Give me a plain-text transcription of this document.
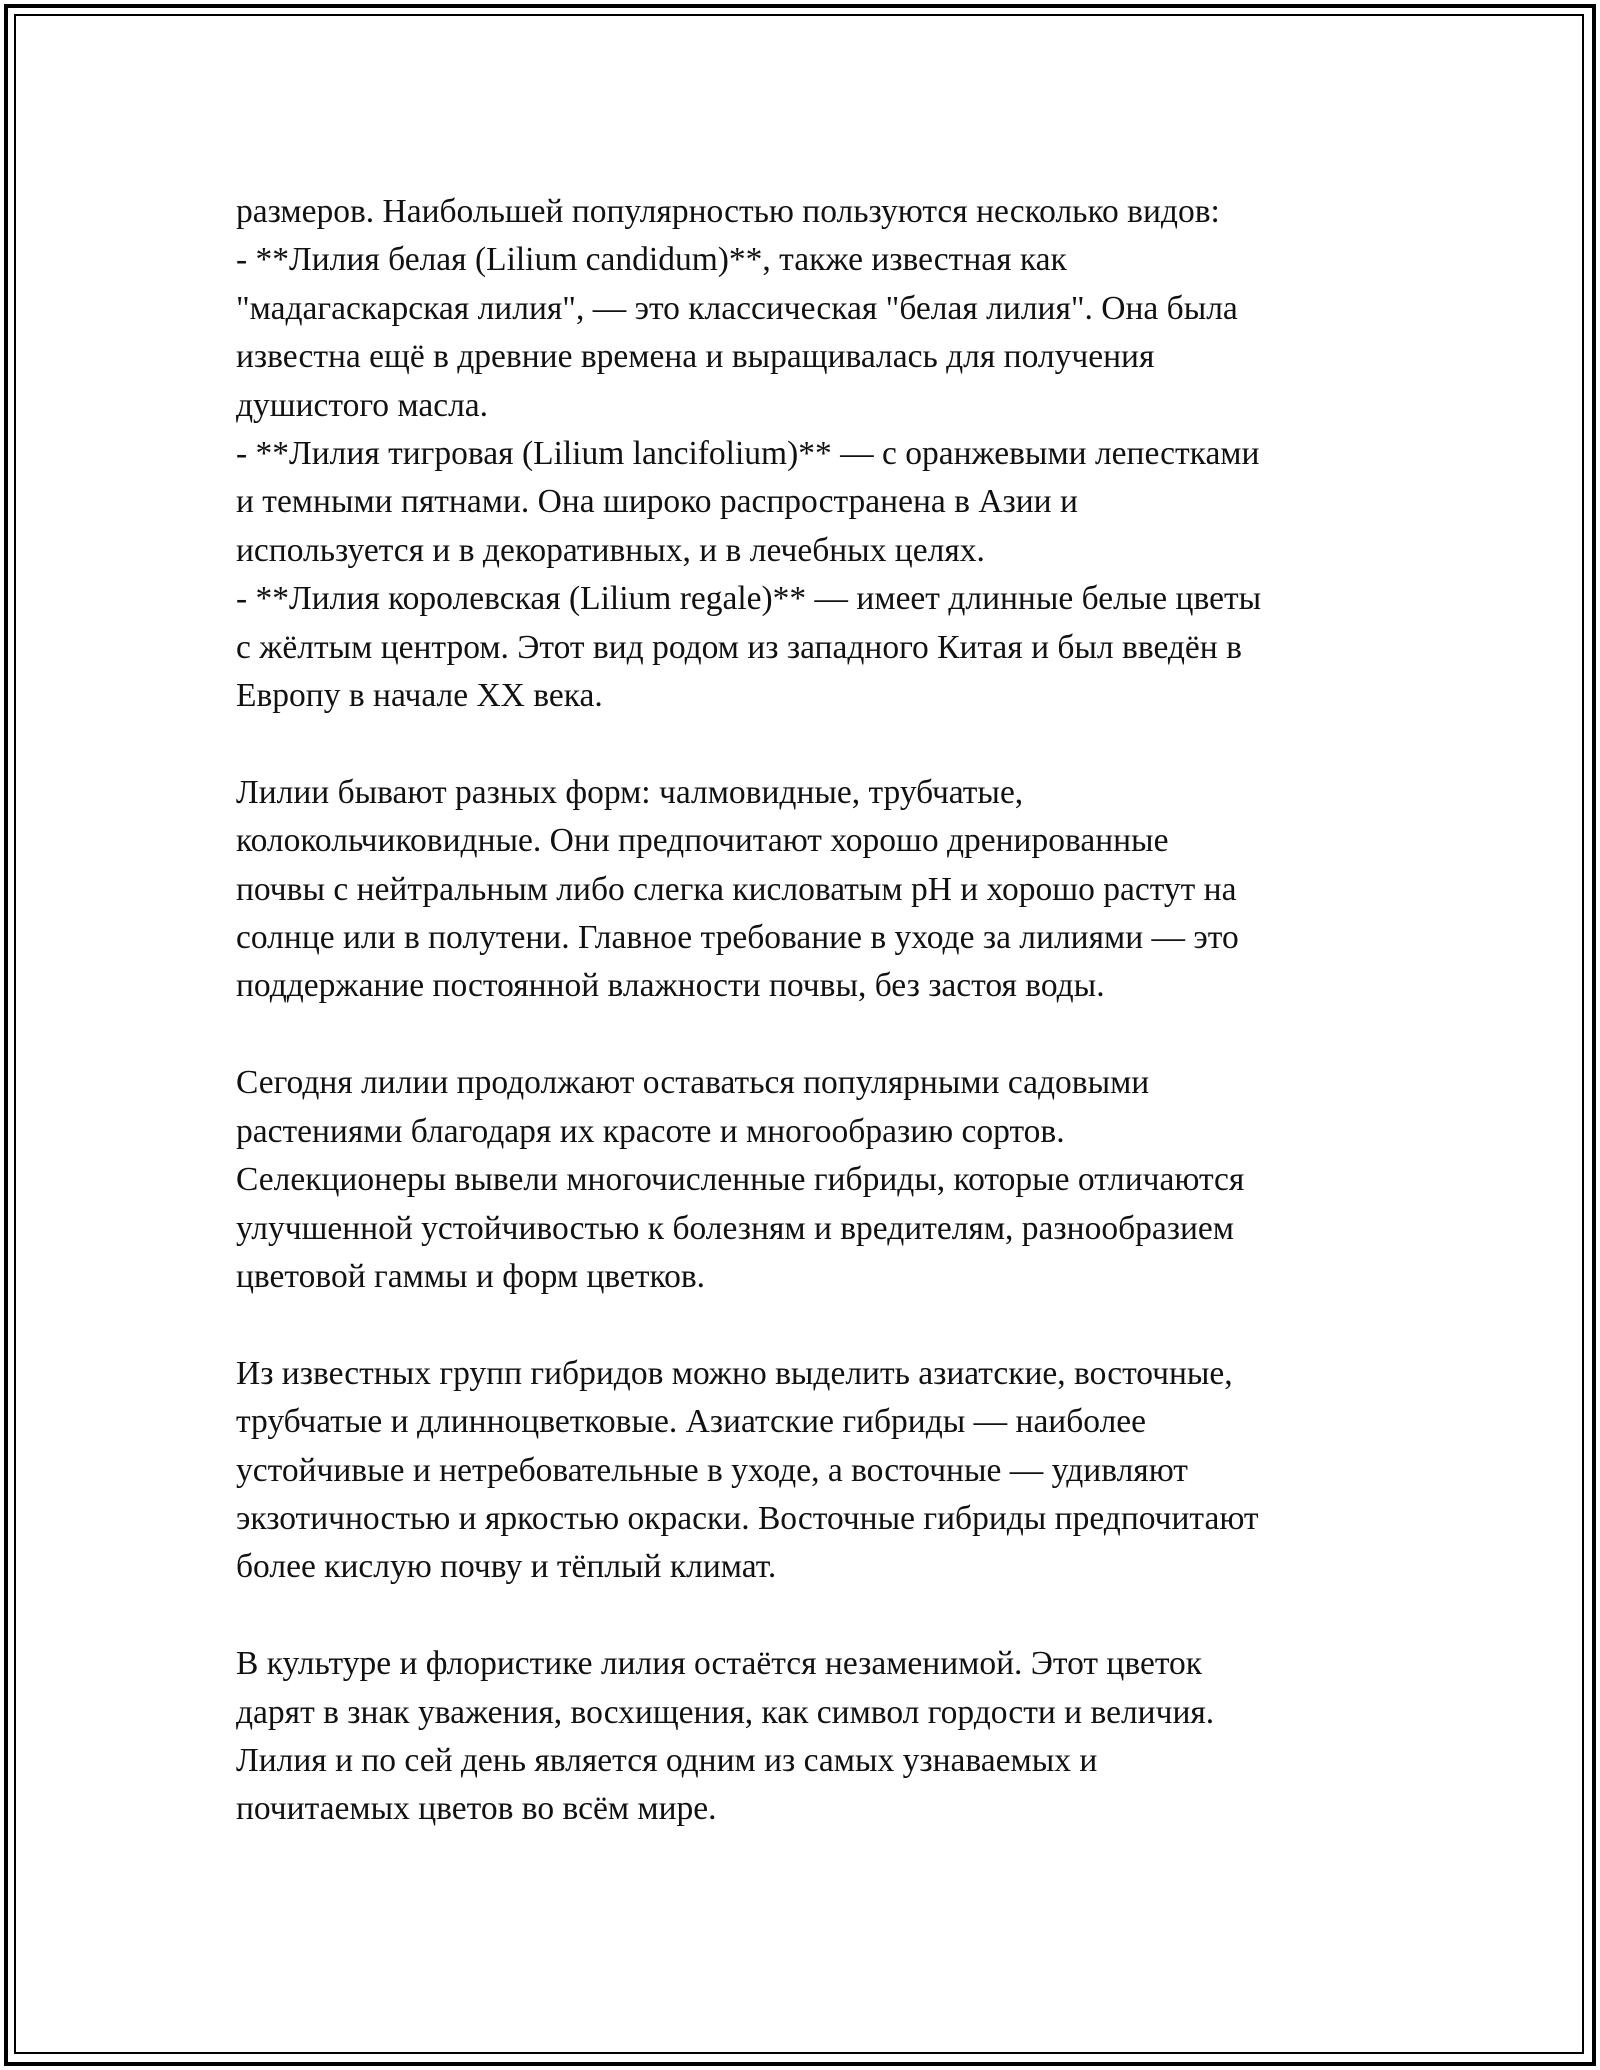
размеров. Наибольшей популярностью пользуются несколько видов:
- **Лилия белая (Lilium candidum)**, также известная как
"мадагаскарская лилия", — это классическая "белая лилия". Она была
известна ещё в древние времена и выращивалась для получения
душистого масла.
- **Лилия тигровая (Lilium lancifolium)** — с оранжевыми лепестками
и темными пятнами. Она широко распространена в Азии и
используется и в декоративных, и в лечебных целях.
- **Лилия королевская (Lilium regale)** — имеет длинные белые цветы
с жёлтым центром. Этот вид родом из западного Китая и был введён в
Европу в начале XX века.

Лилии бывают разных форм: чалмовидные, трубчатые,
колокольчиковидные. Они предпочитают хорошо дренированные
почвы с нейтральным либо слегка кисловатым pH и хорошо растут на
солнце или в полутени. Главное требование в уходе за лилиями — это
поддержание постоянной влажности почвы, без застоя воды.

Сегодня лилии продолжают оставаться популярными садовыми
растениями благодаря их красоте и многообразию сортов.
Селекционеры вывели многочисленные гибриды, которые отличаются
улучшенной устойчивостью к болезням и вредителям, разнообразием
цветовой гаммы и форм цветков.

Из известных групп гибридов можно выделить азиатские, восточные,
трубчатые и длинноцветковые. Азиатские гибриды — наиболее
устойчивые и нетребовательные в уходе, а восточные — удивляют
экзотичностью и яркостью окраски. Восточные гибриды предпочитают
более кислую почву и тёплый климат.

В культуре и флористике лилия остаётся незаменимой. Этот цветок
дарят в знак уважения, восхищения, как символ гордости и величия.
Лилия и по сей день является одним из самых узнаваемых и
почитаемых цветов во всём мире.
